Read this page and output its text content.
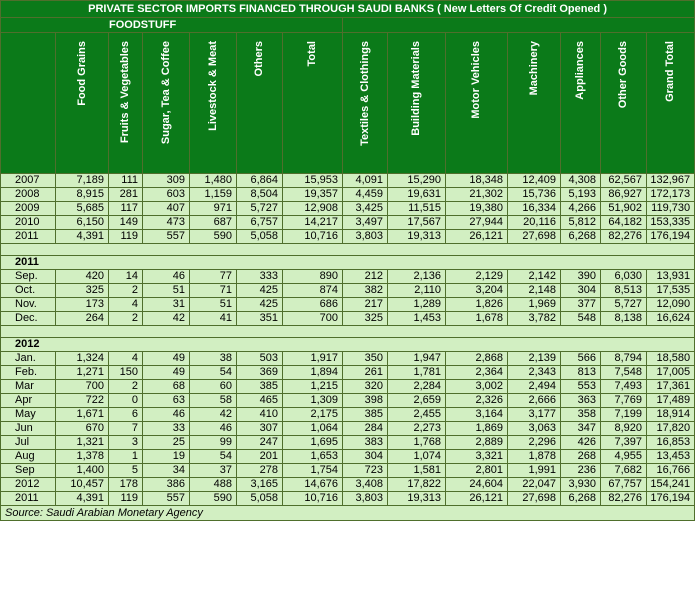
PRIVATE SECTOR IMPORTS FINANCED THROUGH SAUDI BANKS ( New Letters Of Credit Opened )													
FOODSTUFF													

	Food Grains	Fruits & Vegetables	Sugar, Tea & Coffee	Livestock & Meat	Others	Total	Textiles & Clothings	Building Materials	Motor Vehicles	Machinery	Appliances	Other Goods	Grand Total

2007	7,189	111	309	1,480	6,864	15,953	4,091	15,290	18,348	12,409	4,308	62,567	132,967
2008	8,915	281	603	1,159	8,504	19,357	4,459	19,631	21,302	15,736	5,193	86,927	172,173
2009	5,685	117	407	971	5,727	12,908	3,425	11,515	19,380	16,334	4,266	51,902	119,730
2010	6,150	149	473	687	6,757	14,217	3,497	17,567	27,944	20,116	5,812	64,182	153,335
2011	4,391	119	557	590	5,058	10,716	3,803	19,313	26,121	27,698	6,268	82,276	176,194

2011													
Sep.	420	14	46	77	333	890	212	2,136	2,129	2,142	390	6,030	13,931
Oct.	325	2	51	71	425	874	382	2,110	3,204	2,148	304	8,513	17,535
Nov.	173	4	31	51	425	686	217	1,289	1,826	1,969	377	5,727	12,090
Dec.	264	2	42	41	351	700	325	1,453	1,678	3,782	548	8,138	16,624

2012													
Jan.	1,324	4	49	38	503	1,917	350	1,947	2,868	2,139	566	8,794	18,580
Feb.	1,271	150	49	54	369	1,894	261	1,781	2,364	2,343	813	7,548	17,005
Mar	700	2	68	60	385	1,215	320	2,284	3,002	2,494	553	7,493	17,361
Apr	722	0	63	58	465	1,309	398	2,659	2,326	2,666	363	7,769	17,489
May	1,671	6	46	42	410	2,175	385	2,455	3,164	3,177	358	7,199	18,914
Jun	670	7	33	46	307	1,064	284	2,273	1,869	3,063	347	8,920	17,820
Jul	1,321	3	25	99	247	1,695	383	1,768	2,889	2,296	426	7,397	16,853
Aug	1,378	1	19	54	201	1,653	304	1,074	3,321	1,878	268	4,955	13,453
Sep	1,400	5	34	37	278	1,754	723	1,581	2,801	1,991	236	7,682	16,766
2012	10,457	178	386	488	3,165	14,676	3,408	17,822	24,604	22,047	3,930	67,757	154,241
2011	4,391	119	557	590	5,058	10,716	3,803	19,313	26,121	27,698	6,268	82,276	176,194
Source: Saudi Arabian Monetary Agency													
